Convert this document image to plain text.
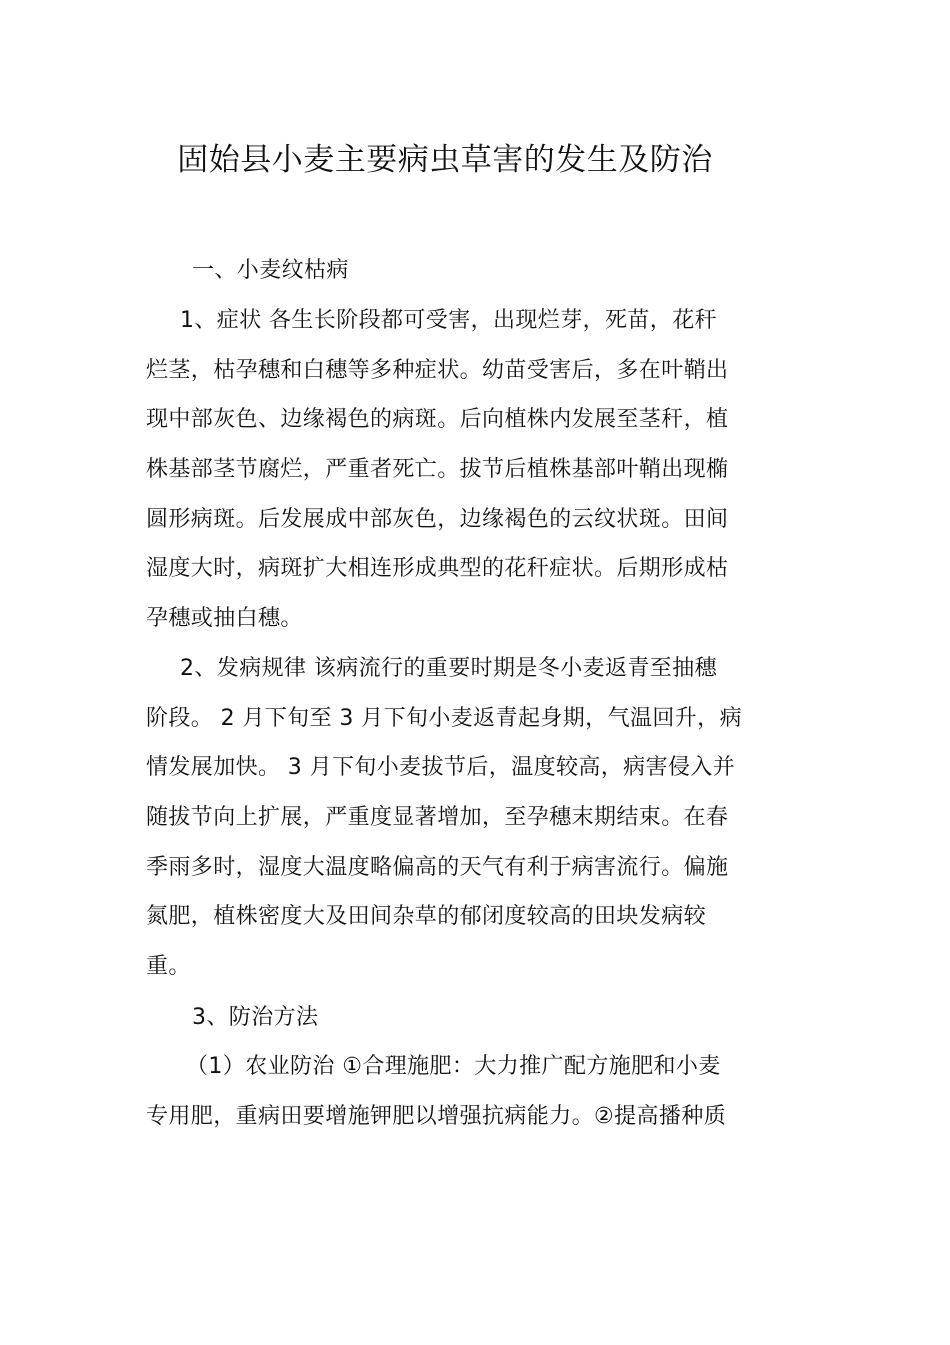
固始县小麦主要病虫草害的发生及防治
一、小麦纹枯病
1、症状 各生长阶段都可受害，出现烂芽，死苗，花秆
烂茎，枯孕穗和白穗等多种症状。幼苗受害后，多在叶鞘出
现中部灰色、边缘褐色的病斑。后向植株内发展至茎秆，植
株基部茎节腐烂，严重者死亡。拔节后植株基部叶鞘出现椭
圆形病斑。后发展成中部灰色，边缘褐色的云纹状斑。田间
湿度大时，病斑扩大相连形成典型的花秆症状。后期形成枯
孕穗或抽白穗。
2、发病规律 该病流行的重要时期是冬小麦返青至抽穗
阶段。 2 月下旬至 3 月下旬小麦返青起身期，气温回升，病
情发展加快。 3 月下旬小麦拔节后，温度较高，病害侵入并
随拔节向上扩展，严重度显著增加，至孕穗末期结束。在春
季雨多时，湿度大温度略偏高的天气有利于病害流行。偏施
氮肥，植株密度大及田间杂草的郁闭度较高的田块发病较
重。
3、防治方法
（1）农业防治 ①合理施肥：大力推广配方施肥和小麦
专用肥，重病田要增施钾肥以增强抗病能力。②提高播种质
